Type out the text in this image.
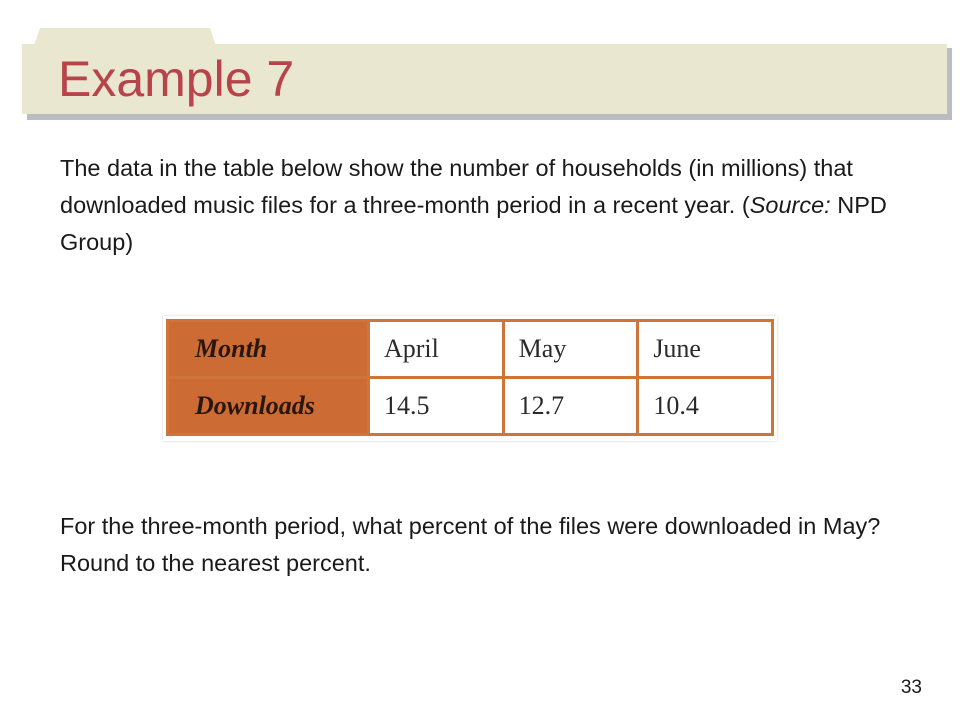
Example 7

The data in the table below show the number of households (in millions) that downloaded music files for a three-month period in a recent year. (Source: NPD Group)

Month	April	May	June
Downloads	14.5	12.7	10.4

For the three-month period, what percent of the files were downloaded in May? Round to the nearest percent.

33
